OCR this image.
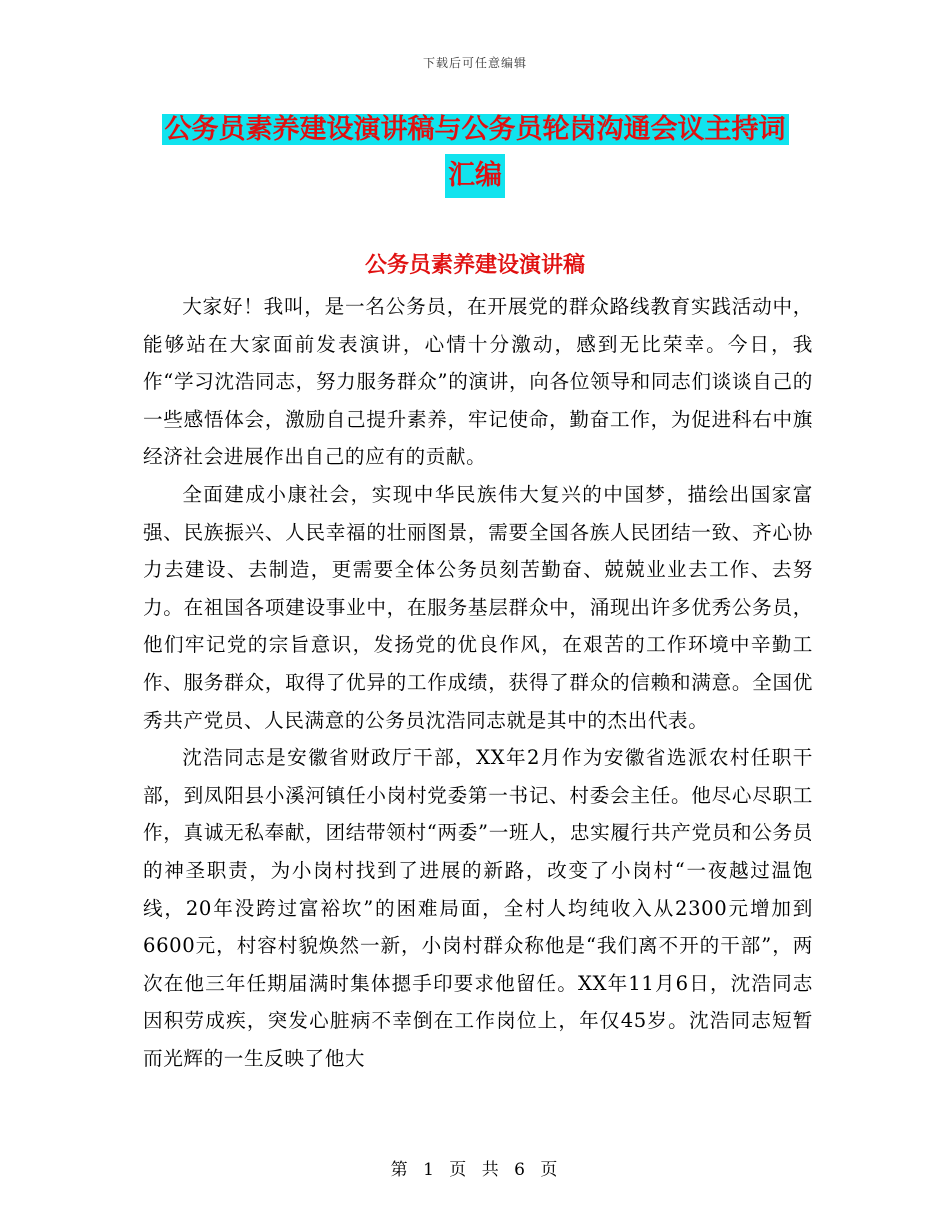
下载后可任意编辑
公务员素养建设演讲稿与公务员轮岗沟通会议主持词
汇编
公务员素养建设演讲稿

大家好！我叫，是一名公务员，在开展党的群众路线教育实践活动中，能够站在大家面前发表演讲，心情十分激动，感到无比荣幸。今日，我作“学习沈浩同志，努力服务群众”的演讲，向各位领导和同志们谈谈自己的一些感悟体会，激励自己提升素养，牢记使命，勤奋工作，为促进科右中旗经济社会进展作出自己的应有的贡献。

全面建成小康社会，实现中华民族伟大复兴的中国梦，描绘出国家富强、民族振兴、人民幸福的壮丽图景，需要全国各族人民团结一致、齐心协力去建设、去制造，更需要全体公务员刻苦勤奋、兢兢业业去工作、去努力。在祖国各项建设事业中，在服务基层群众中，涌现出许多优秀公务员，他们牢记党的宗旨意识，发扬党的优良作风，在艰苦的工作环境中辛勤工作、服务群众，取得了优异的工作成绩，获得了群众的信赖和满意。全国优秀共产党员、人民满意的公务员沈浩同志就是其中的杰出代表。

沈浩同志是安徽省财政厅干部，XX年2月作为安徽省选派农村任职干部，到凤阳县小溪河镇任小岗村党委第一书记、村委会主任。他尽心尽职工作，真诚无私奉献，团结带领村“两委”一班人，忠实履行共产党员和公务员的神圣职责，为小岗村找到了进展的新路，改变了小岗村“一夜越过温饱线，20年没跨过富裕坎”的困难局面，全村人均纯收入从2300元增加到6600元，村容村貌焕然一新，小岗村群众称他是“我们离不开的干部”，两次在他三年任期届满时集体摁手印要求他留任。XX年11月6日，沈浩同志因积劳成疾，突发心脏病不幸倒在工作岗位上，年仅45岁。沈浩同志短暂而光辉的一生反映了他大

第 1 页 共 6 页
